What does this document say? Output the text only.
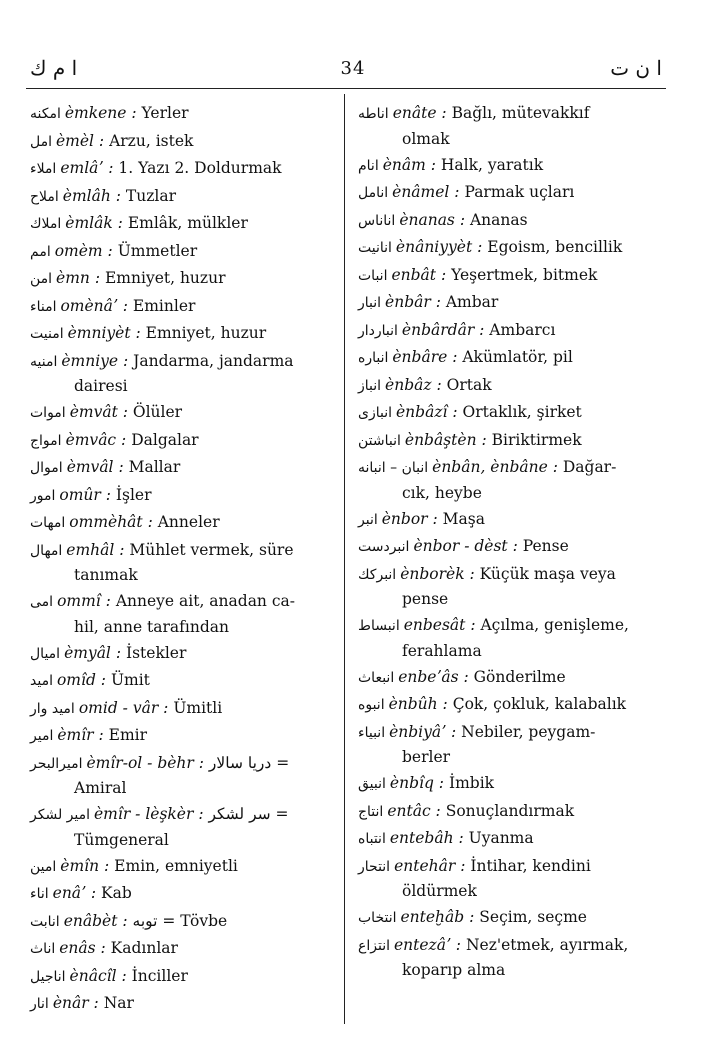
ا م ك	34	ا ن ت
امكنه èmkene : Yerler
امل èmèl : Arzu, istek
املاء emlâʼ : 1. Yazı 2. Doldurmak
املاح èmlâh : Tuzlar
املاك èmlâk : Emlâk, mülkler
امم omèm : Ümmetler
امن èmn : Emniyet, huzur
امناء omènâʼ : Eminler
امنيت èmniyèt : Emniyet, huzur
امنيه èmniye : Jandarma, jandarma
dairesi
اموات èmvât : Ölüler
امواج èmvâc : Dalgalar
اموال èmvâl : Mallar
امور omûr : İşler
امهات ommèhât : Anneler
امهال emhâl : Mühlet vermek, süre
tanımak
امى ommî : Anneye ait, anadan ca-
hil, anne tarafından
اميال èmyâl : İstekler
اميد omîd : Ümit
اميد وار omid - vâr : Ümitli
امير èmîr : Emir
اميرالبحر èmîr-ol - bèhr : دريا سالار =
Amiral
امير لشكر èmîr - lèşkèr : سر لشكر =
Tümgeneral
امين èmîn : Emin, emniyetli
اناء enâʼ : Kab
انابت enâbèt : توبه = Tövbe
اناث enâs : Kadınlar
اناجيل ènâcîl : İnciller
انار ènâr : Nar
اناطه enâte : Bağlı, mütevakkıf
olmak
انام ènâm : Halk, yaratık
انامل ènâmel : Parmak uçları
اناناس ènanas : Ananas
انانيت ènâniyyèt : Egoism, bencillik
انبات enbât : Yeşertmek, bitmek
انبار ènbâr : Ambar
انباردار ènbârdâr : Ambarcı
انباره ènbâre : Akümlatör, pil
انباز ènbâz : Ortak
انبازى ènbâzî : Ortaklık, şirket
انباشتن ènbâştèn : Biriktirmek
انبان – انبانه ènbân, ènbâne : Dağar-
cık, heybe
انبر ènbor : Maşa
انبردست ènbor - dèst : Pense
انبركك ènborèk : Küçük maşa veya
pense
انبساط enbesât : Açılma, genişleme,
ferahlama
انبعاث enbeʼâs : Gönderilme
انبوه ènbûh : Çok, çokluk, kalabalık
انبياء ènbiyâʼ : Nebiler, peygam-
berler
انبيق ènbîq : İmbik
انتاج entâc : Sonuçlandırmak
انتباه entebâh : Uyanma
انتحار entehâr : İntihar, kendini
öldürmek
انتخاب enteḫâb : Seçim, seçme
انتزاع entezâʼ : Nez'etmek, ayırmak,
koparıp alma
